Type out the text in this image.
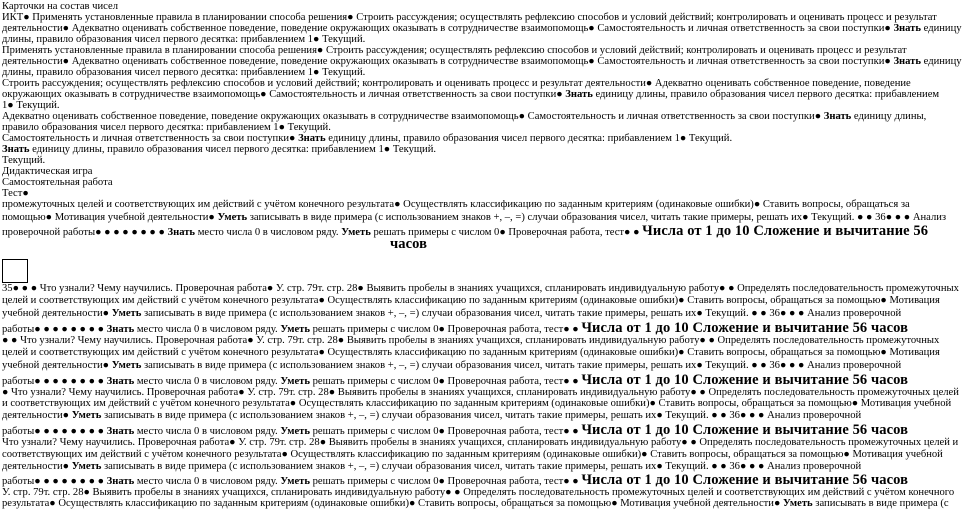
Карточки на состав чисел
ИКТ● Применять установленные правила в планировании способа решения● Строить рассуждения; осуществлять рефлексию способов и условий действий; контролировать и оценивать процесс и результат
деятельности● Адекватно оценивать собственное поведение, поведение окружающих оказывать в сотрудничестве взаимопомощь● Самостоятельность и личная ответственность за свои поступки● Знать единицу
длины, правило образования чисел первого десятка: прибавлением 1● Текущий.
Применять установленные правила в планировании способа решения● Строить рассуждения; осуществлять рефлексию способов и условий действий; контролировать и оценивать процесс и результат
деятельности● Адекватно оценивать собственное поведение, поведение окружающих оказывать в сотрудничестве взаимопомощь● Самостоятельность и личная ответственность за свои поступки● Знать единицу
длины, правило образования чисел первого десятка: прибавлением 1● Текущий.
Строить рассуждения; осуществлять рефлексию способов и условий действий; контролировать и оценивать процесс и результат деятельности● Адекватно оценивать собственное поведение, поведение
окружающих оказывать в сотрудничестве взаимопомощь● Самостоятельность и личная ответственность за свои поступки● Знать единицу длины, правило образования чисел первого десятка: прибавлением
1● Текущий.
Адекватно оценивать собственное поведение, поведение окружающих оказывать в сотрудничестве взаимопомощь● Самостоятельность и личная ответственность за свои поступки● Знать единицу длины,
правило образования чисел первого десятка: прибавлением 1● Текущий.
Самостоятельность и личная ответственность за свои поступки● Знать единицу длины, правило образования чисел первого десятка: прибавлением 1● Текущий.
Знать единицу длины, правило образования чисел первого десятка: прибавлением 1● Текущий.
Текущий.
Дидактическая игра
Самостоятельная работа
Тест●
промежуточных целей и соответствующих им действий с учётом конечного результата● Осуществлять классификацию по заданным критериям (одинаковые ошибки)● Ставить вопросы, обращаться за
помощью● Мотивация учебной деятельности● Уметь записывать в виде примера (с использованием знаков +, –, =) случаи образования чисел, читать такие примеры, решать их● Текущий. ● ● 36● ● ● Анализ
проверочной работы● ● ● ● ● ● ● ● Знать место числа 0 в числовом ряду. Уметь решать примеры с числом 0● Проверочная работа, тест● ● Числа от 1 до 10 Сложение и вычитание 56
часов
35● ● ● Что узнали? Чему научились. Проверочная работа● У. стр. 79т. стр. 28● Выявить пробелы в знаниях учащихся, спланировать индивидуальную работу● ● Определять последовательность промежуточных
целей и соответствующих им действий с учётом конечного результата● Осуществлять классификацию по заданным критериям (одинаковые ошибки)● Ставить вопросы, обращаться за помощью● Мотивация
учебной деятельности● Уметь записывать в виде примера (с использованием знаков +, –, =) случаи образования чисел, читать такие примеры, решать их● Текущий. ● ● 36● ● ● Анализ проверочной
работы● ● ● ● ● ● ● ● Знать место числа 0 в числовом ряду. Уметь решать примеры с числом 0● Проверочная работа, тест● ● Числа от 1 до 10 Сложение и вычитание 56 часов
● ● Что узнали? Чему научились. Проверочная работа● У. стр. 79т. стр. 28● Выявить пробелы в знаниях учащихся, спланировать индивидуальную работу● ● Определять последовательность промежуточных
целей и соответствующих им действий с учётом конечного результата● Осуществлять классификацию по заданным критериям (одинаковые ошибки)● Ставить вопросы, обращаться за помощью● Мотивация
учебной деятельности● Уметь записывать в виде примера (с использованием знаков +, –, =) случаи образования чисел, читать такие примеры, решать их● Текущий. ● ● 36● ● ● Анализ проверочной
работы● ● ● ● ● ● ● ● Знать место числа 0 в числовом ряду. Уметь решать примеры с числом 0● Проверочная работа, тест● ● Числа от 1 до 10 Сложение и вычитание 56 часов
● Что узнали? Чему научились. Проверочная работа● У. стр. 79т. стр. 28● Выявить пробелы в знаниях учащихся, спланировать индивидуальную работу● ● Определять последовательность промежуточных целей
и соответствующих им действий с учётом конечного результата● Осуществлять классификацию по заданным критериям (одинаковые ошибки)● Ставить вопросы, обращаться за помощью● Мотивация учебной
деятельности● Уметь записывать в виде примера (с использованием знаков +, –, =) случаи образования чисел, читать такие примеры, решать их● Текущий. ● ● 36● ● ● Анализ проверочной
работы● ● ● ● ● ● ● ● Знать место числа 0 в числовом ряду. Уметь решать примеры с числом 0● Проверочная работа, тест● ● Числа от 1 до 10 Сложение и вычитание 56 часов
Что узнали? Чему научились. Проверочная работа● У. стр. 79т. стр. 28● Выявить пробелы в знаниях учащихся, спланировать индивидуальную работу● ● Определять последовательность промежуточных целей и
соответствующих им действий с учётом конечного результата● Осуществлять классификацию по заданным критериям (одинаковые ошибки)● Ставить вопросы, обращаться за помощью● Мотивация учебной
деятельности● Уметь записывать в виде примера (с использованием знаков +, –, =) случаи образования чисел, читать такие примеры, решать их● Текущий. ● ● 36● ● ● Анализ проверочной
работы● ● ● ● ● ● ● ● Знать место числа 0 в числовом ряду. Уметь решать примеры с числом 0● Проверочная работа, тест● ● Числа от 1 до 10 Сложение и вычитание 56 часов
У. стр. 79т. стр. 28● Выявить пробелы в знаниях учащихся, спланировать индивидуальную работу● ● Определять последовательность промежуточных целей и соответствующих им действий с учётом конечного
результата● Осуществлять классификацию по заданным критериям (одинаковые ошибки)● Ставить вопросы, обращаться за помощью● Мотивация учебной деятельности● Уметь записывать в виде примера (с
